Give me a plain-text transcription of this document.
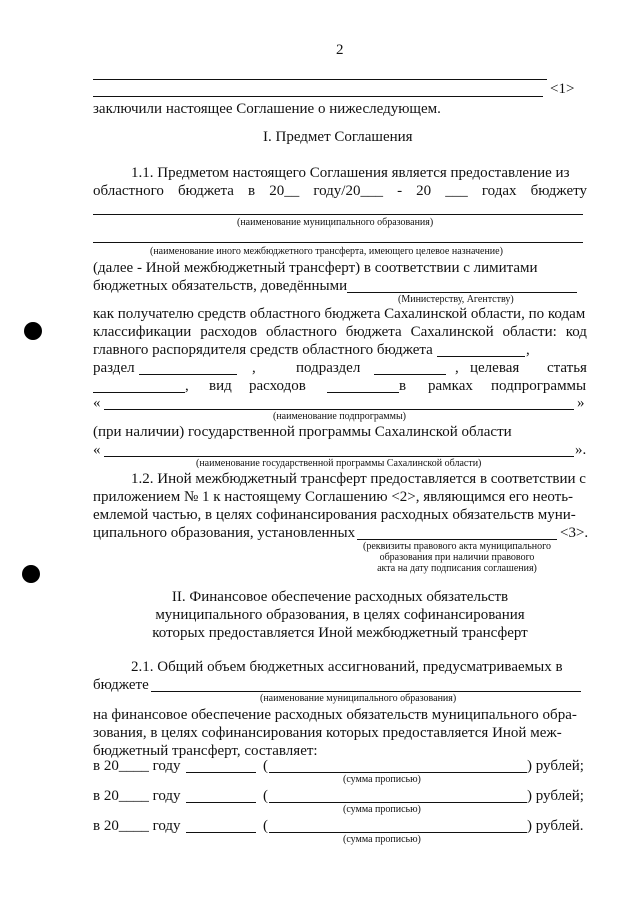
2
<1>
заключили настоящее Соглашение о нижеследующем.
I. Предмет Соглашения
1.1. Предметом настоящего Соглашения является предоставление из
областного бюджета в 20__ году/20___ - 20 ___ годах бюджету
(наименование муниципального образования)
(наименование иного межбюджетного трансферта, имеющего целевое назначение)
(далее - Иной межбюджетный трансферт) в соответствии с лимитами
бюджетных обязательств, доведёнными
(Министерству, Агентству)
как получателю средств областного бюджета Сахалинской области, по кодам
классификации расходов областного бюджета Сахалинской области: код
главного распорядителя средств областного бюджета	,
раздел	,	подраздел	, целевая статья
, вид расходов	в рамках подпрограммы
«	»
(наименование подпрограммы)
(при наличии) государственной программы Сахалинской области
«	».
(наименование государственной программы Сахалинской области)
1.2. Иной межбюджетный трансферт предоставляется в соответствии с
приложением № 1 к настоящему Соглашению <2>, являющимся его неоть-
емлемой частью, в целях софинансирования расходных обязательств муни-
ципального образования, установленных	<3>.
(реквизиты правового акта муниципального
образования при наличии правового
акта на дату подписания соглашения)
II. Финансовое обеспечение расходных обязательств
муниципального образования, в целях софинансирования
которых предоставляется Иной межбюджетный трансферт
2.1. Общий объем бюджетных ассигнований, предусматриваемых в
бюджете
(наименование муниципального образования)
на финансовое обеспечение расходных обязательств муниципального обра-
зования, в целях софинансирования которых предоставляется Иной меж-
бюджетный трансферт, составляет:
в 20____ году	(	) рублей;
(сумма прописью)
в 20____ году	(	) рублей;
(сумма прописью)
в 20____ году	(	) рублей.
(сумма прописью)
